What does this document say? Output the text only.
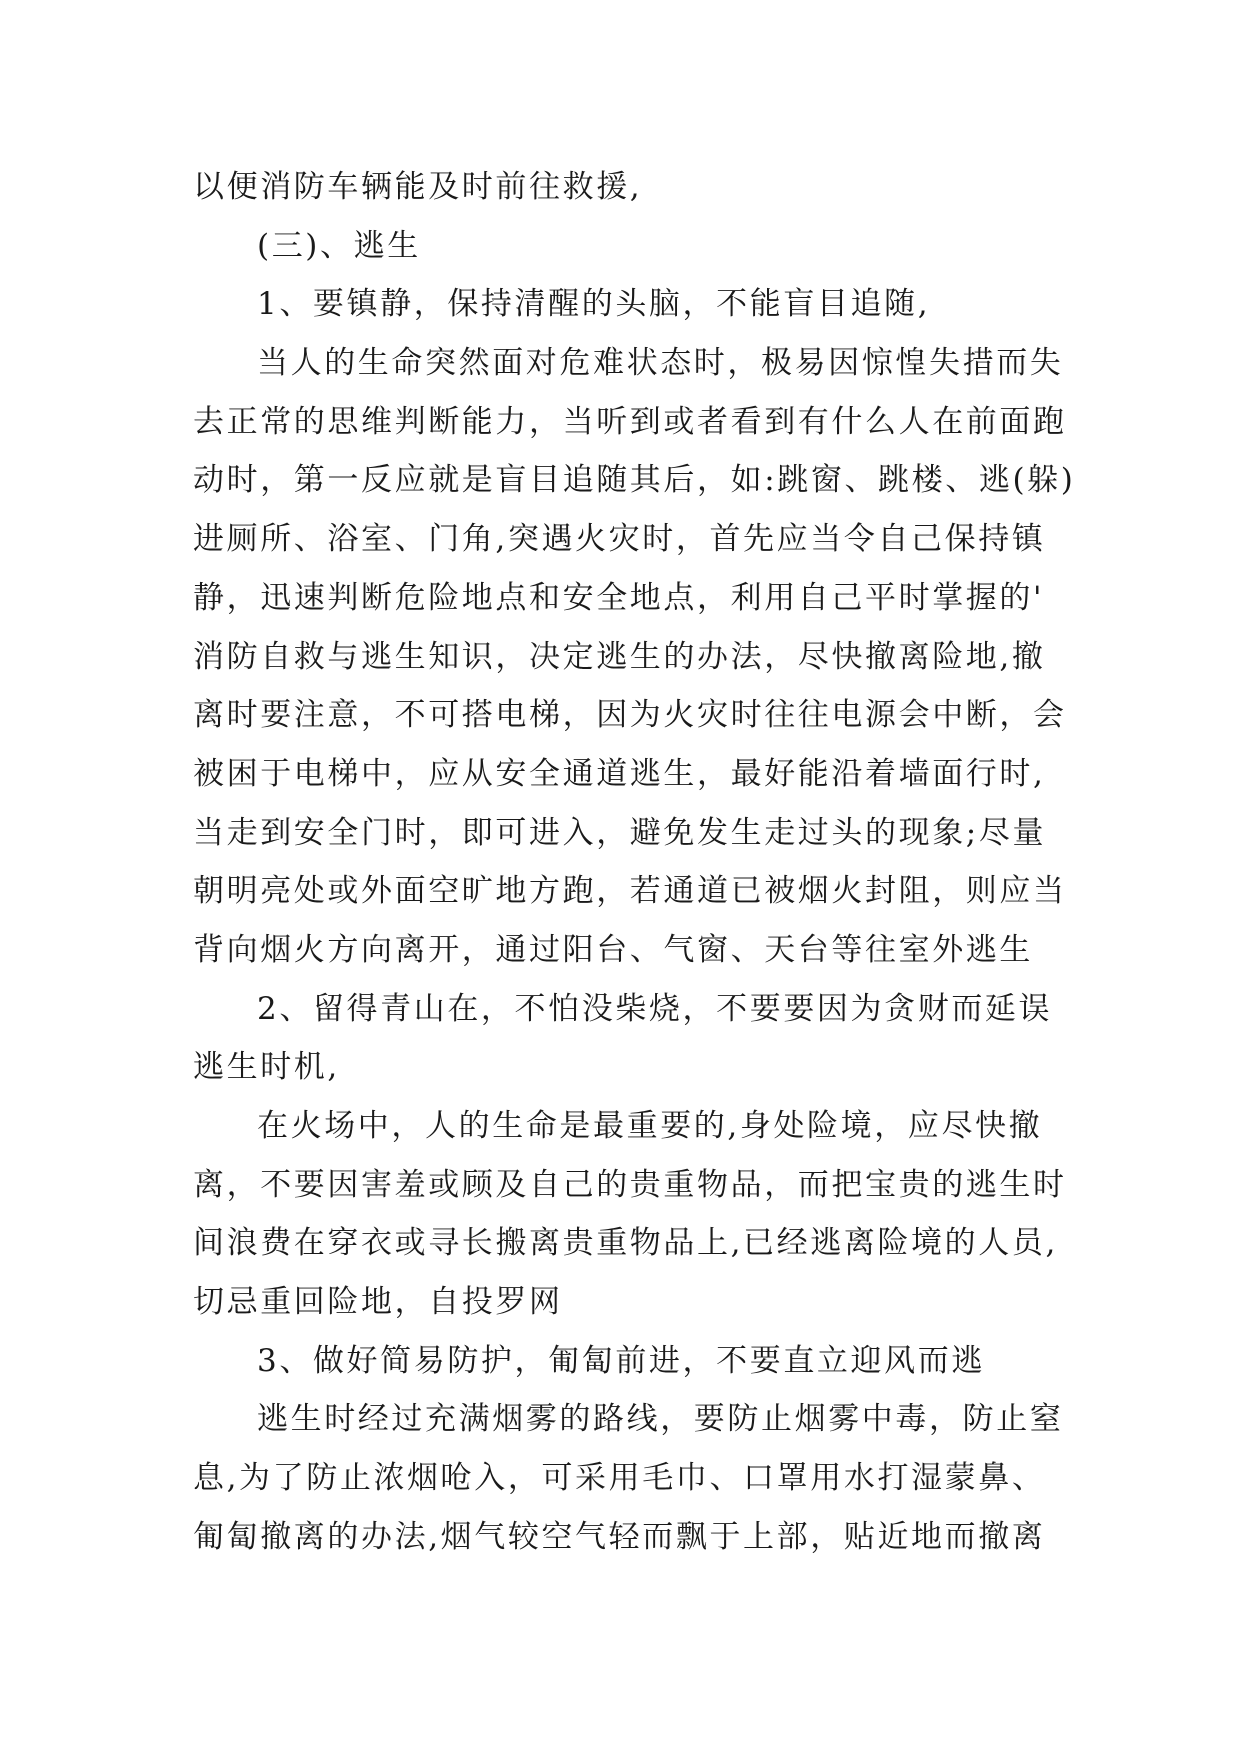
以便消防车辆能及时前往救援,
(三)、逃生
1、要镇静，保持清醒的头脑，不能盲目追随,
当人的生命突然面对危难状态时，极易因惊惶失措而失
去正常的思维判断能力，当听到或者看到有什么人在前面跑
动时，第一反应就是盲目追随其后，如:跳窗、跳楼、逃(躲)
进厕所、浴室、门角,突遇火灾时，首先应当令自己保持镇
静，迅速判断危险地点和安全地点，利用自己平时掌握的'
消防自救与逃生知识，决定逃生的办法，尽快撤离险地,撤
离时要注意，不可搭电梯，因为火灾时往往电源会中断，会
被困于电梯中，应从安全通道逃生，最好能沿着墙面行时,
当走到安全门时，即可进入，避免发生走过头的现象;尽量
朝明亮处或外面空旷地方跑，若通道已被烟火封阻，则应当
背向烟火方向离开，通过阳台、气窗、天台等往室外逃生
2、留得青山在，不怕没柴烧，不要要因为贪财而延误
逃生时机,
在火场中，人的生命是最重要的,身处险境，应尽快撤
离，不要因害羞或顾及自己的贵重物品，而把宝贵的逃生时
间浪费在穿衣或寻长搬离贵重物品上,已经逃离险境的人员,
切忌重回险地，自投罗网
3、做好简易防护，匍匐前进，不要直立迎风而逃
逃生时经过充满烟雾的路线，要防止烟雾中毒，防止窒
息,为了防止浓烟呛入，可采用毛巾、口罩用水打湿蒙鼻、
匍匐撤离的办法,烟气较空气轻而飘于上部，贴近地而撤离
